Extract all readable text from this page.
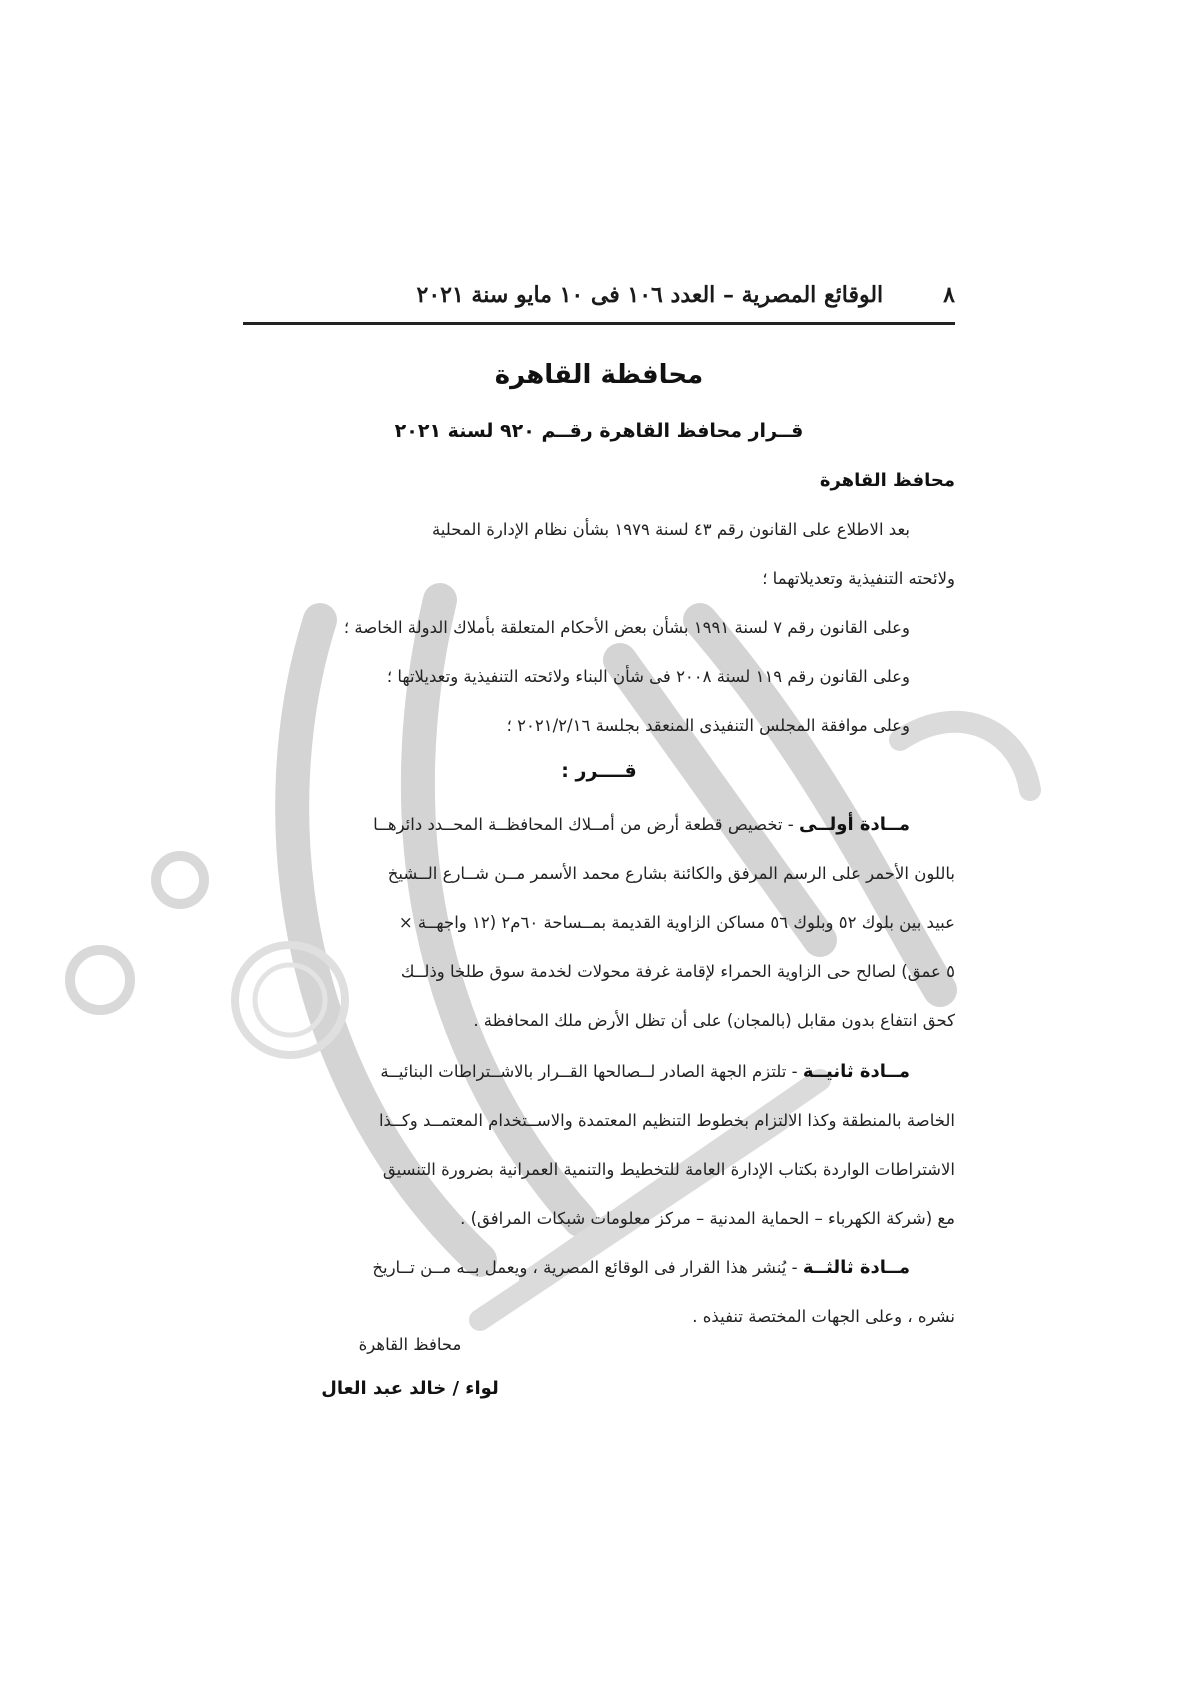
٨
الوقائع المصرية – العدد ١٠٦ فى ١٠ مايو سنة ٢٠٢١
محافظة القاهرة
قــرار محافظ القاهرة رقــم ٩٢٠ لسنة ٢٠٢١
محافظ القاهرة
بعد الاطلاع على القانون رقم ٤٣ لسنة ١٩٧٩ بشأن نظام الإدارة المحلية
ولائحته التنفيذية وتعديلاتهما ؛
وعلى القانون رقم ٧ لسنة ١٩٩١ بشأن بعض الأحكام المتعلقة بأملاك الدولة الخاصة ؛
وعلى القانون رقم ١١٩ لسنة ٢٠٠٨ فى شأن البناء ولائحته التنفيذية وتعديلاتها ؛
وعلى موافقة المجلس التنفيذى المنعقد بجلسة ٢٠٢١/٢/١٦ ؛
قــــرر :
مــادة أولــى - تخصيص قطعة أرض من أمــلاك المحافظــة المحــدد دائرهــا
باللون الأحمر على الرسم المرفق والكائنة بشارع محمد الأسمر مــن شــارع الــشيخ
عبيد بين بلوك ٥٢ وبلوك ٥٦ مساكن الزاوية القديمة بمــساحة ٦٠م٢ (١٢ واجهــة ×
٥ عمق) لصالح حى الزاوية الحمراء لإقامة غرفة محولات لخدمة سوق طلخا وذلــك
كحق انتفاع بدون مقابل (بالمجان) على أن تظل الأرض ملك المحافظة .
مــادة ثانيــة - تلتزم الجهة الصادر لــصالحها القــرار بالاشــتراطات البنائيــة
الخاصة بالمنطقة وكذا الالتزام بخطوط التنظيم المعتمدة والاســتخدام المعتمــد وكــذا
الاشتراطات الواردة بكتاب الإدارة العامة للتخطيط والتنمية العمرانية بضرورة التنسيق
مع (شركة الكهرباء – الحماية المدنية – مركز معلومات شبكات المرافق) .
مــادة ثالثــة - يُنشر هذا القرار فى الوقائع المصرية ، ويعمل بــه مــن تــاريخ
نشره ، وعلى الجهات المختصة تنفيذه .
محافظ القاهرة
لواء / خالد عبد العال
